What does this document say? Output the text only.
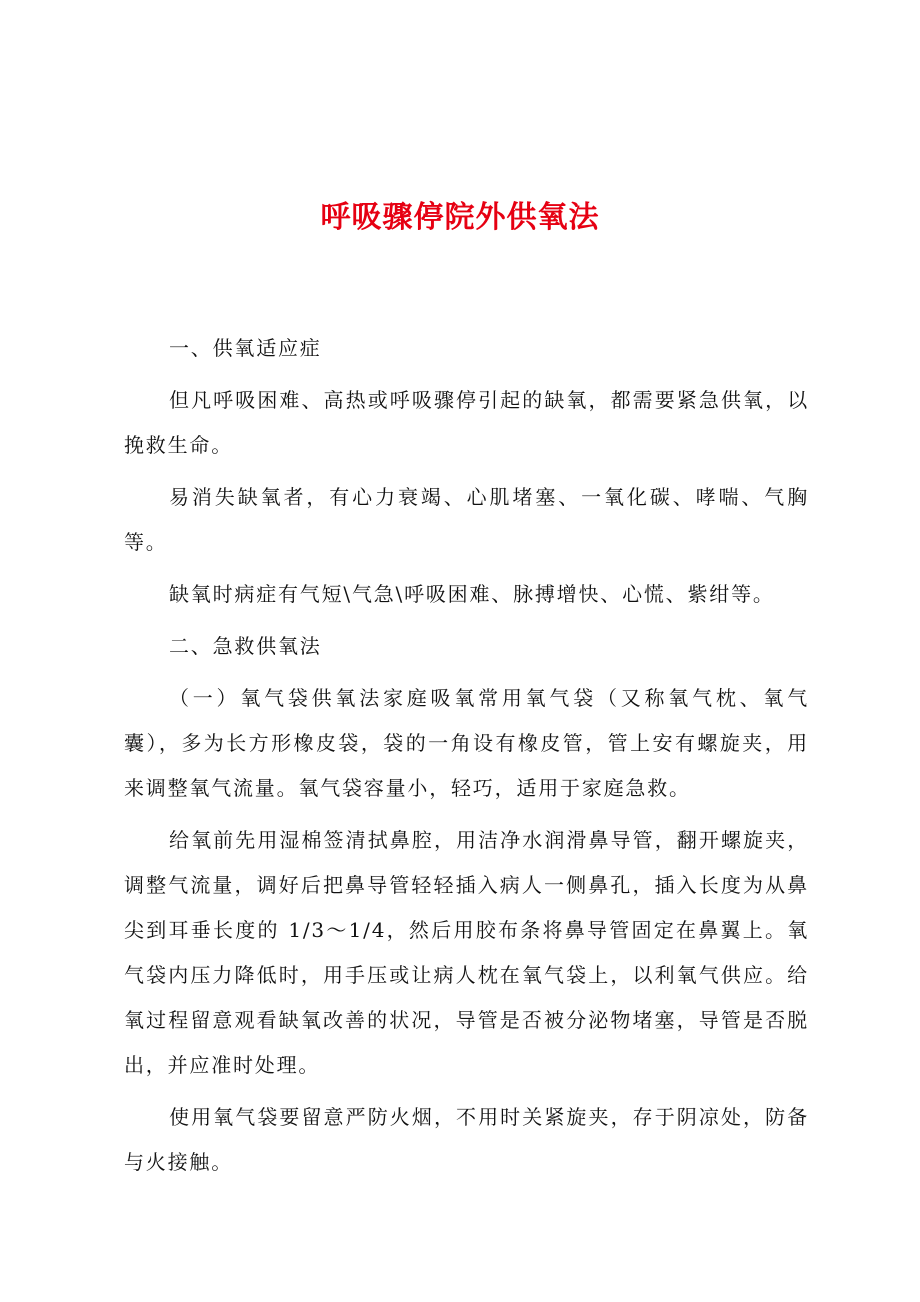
呼吸骤停院外供氧法

一、供氧适应症

但凡呼吸困难、高热或呼吸骤停引起的缺氧，都需要紧急供氧，以挽救生命。

易消失缺氧者，有心力衰竭、心肌堵塞、一氧化碳、哮喘、气胸等。

缺氧时病症有气短\气急\呼吸困难、脉搏增快、心慌、紫绀等。

二、急救供氧法

（一）氧气袋供氧法家庭吸氧常用氧气袋（又称氧气枕、氧气囊），多为长方形橡皮袋，袋的一角设有橡皮管，管上安有螺旋夹，用来调整氧气流量。氧气袋容量小，轻巧，适用于家庭急救。

给氧前先用湿棉签清拭鼻腔，用洁净水润滑鼻导管，翻开螺旋夹，调整气流量，调好后把鼻导管轻轻插入病人一侧鼻孔，插入长度为从鼻尖到耳垂长度的 1/3～1/4，然后用胶布条将鼻导管固定在鼻翼上。氧气袋内压力降低时，用手压或让病人枕在氧气袋上，以利氧气供应。给氧过程留意观看缺氧改善的状况，导管是否被分泌物堵塞，导管是否脱出，并应准时处理。

使用氧气袋要留意严防火烟，不用时关紧旋夹，存于阴凉处，防备与火接触。
